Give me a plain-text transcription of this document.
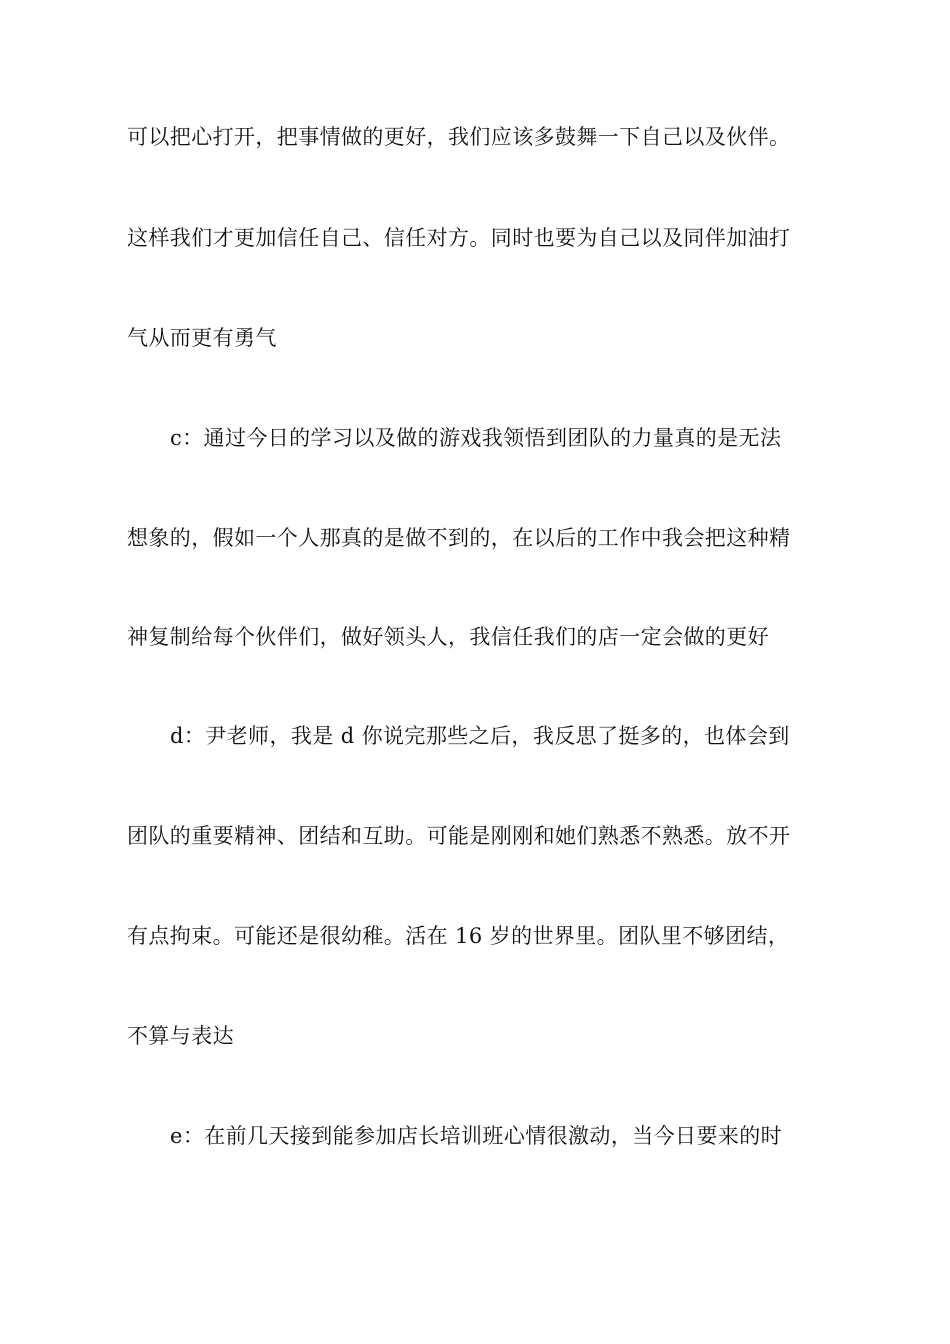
可以把心打开，把事情做的更好，我们应该多鼓舞一下自己以及伙伴。
这样我们才更加信任自己、信任对方。同时也要为自己以及同伴加油打
气从而更有勇气
c：通过今日的学习以及做的游戏我领悟到团队的力量真的是无法
想象的，假如一个人那真的是做不到的，在以后的工作中我会把这种精
神复制给每个伙伴们，做好领头人，我信任我们的店一定会做的更好
d：尹老师，我是 d 你说完那些之后，我反思了挺多的，也体会到
团队的重要精神、团结和互助。可能是刚刚和她们熟悉不熟悉。放不开
有点拘束。可能还是很幼稚。活在 16 岁的世界里。团队里不够团结，
不算与表达
e：在前几天接到能参加店长培训班心情很激动，当今日要来的时
